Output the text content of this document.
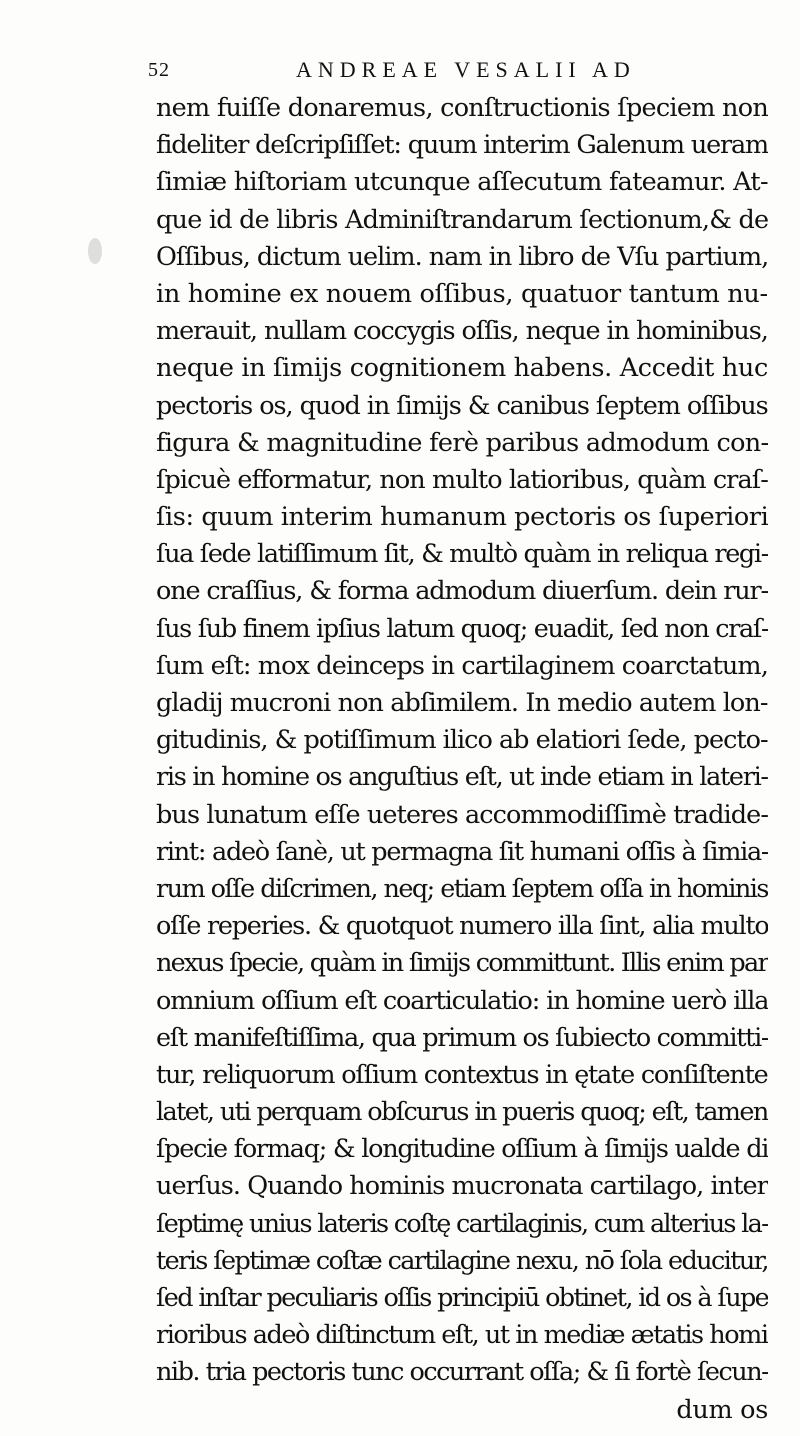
52	ANDREAE VESALII AD
nem fuiſſe donaremus, conſtructionis ſpeciem non
fideliter deſcripſiſſet: quum interim Galenum ueram
ſimiæ hiſtoriam utcunque aſſecutum fateamur. At‐
que id de libris Adminiſtrandarum ſectionum,& de
Oſſibus, dictum uelim. nam in libro de Vſu partium,
in homine ex nouem oſſibus, quatuor tantum nu‐
merauit, nullam coccygis oſſis, neque in hominibus,
neque in ſimijs cognitionem habens. Accedit huc
pectoris os, quod in ſimijs & canibus ſeptem oſſibus
figura & magnitudine ferè paribus admodum con‐
ſpicuè efformatur, non multo latioribus, quàm craſ‐
ſis: quum interim humanum pectoris os ſuperiori
ſua ſede latiſſimum ſit, & multò quàm in reliqua regi‐
one craſſius, & forma admodum diuerſum. dein rur‐
ſus ſub finem ipſius latum quoq; euadit, ſed non craſ‐
ſum eſt: mox deinceps in cartilaginem coarctatum,
gladij mucroni non abſimilem. In medio autem lon‐
gitudinis, & potiſſimum ilico ab elatiori ſede, pecto‐
ris in homine os anguſtius eſt, ut inde etiam in lateri‐
bus lunatum eſſe ueteres accommodiſſimè tradide‐
rint: adeò ſanè, ut permagna ſit humani oſſis à ſimia‐
rum oſſe diſcrimen, neq; etiam ſeptem oſſa in hominis
oſſe reperies. & quotquot numero illa ſint, alia multo
nexus ſpecie, quàm in ſimijs committunt. Illis enim par
omnium oſſium eſt coarticulatio: in homine uerò illa
eſt manifeſtiſſima, qua primum os ſubiecto committi‐
tur, reliquorum oſſium contextus in ętate conſiſtente
latet, uti perquam obſcurus in pueris quoq; eſt, tamen
ſpecie formaq; & longitudine oſſium à ſimijs ualde di
uerſus. Quando hominis mucronata cartilago, inter
ſeptimę unius lateris coſtę cartilaginis, cum alterius la‐
teris ſeptimæ coſtæ cartilagine nexu, nō ſola educitur,
ſed inſtar peculiaris oſſis principiū obtinet, id os à ſupe
rioribus adeò diſtinctum eſt, ut in mediæ ætatis homi
nib. tria pectoris tunc occurrant oſſa; & ſi fortè ſecun‐
dum os
